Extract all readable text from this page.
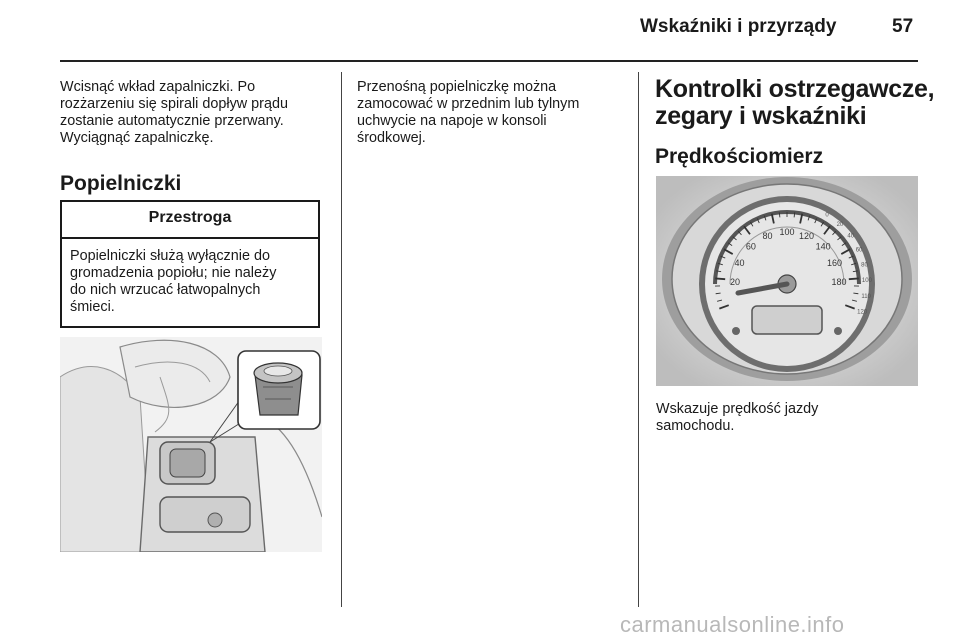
Wskaźniki i przyrządy	57
Wcisnąć wkład zapalniczki. Po
rozżarzeniu się spirali dopływ prądu
zostanie automatycznie przerwany.
Wyciągnąć zapalniczkę.
Popielniczki
Przestroga
Popielniczki służą wyłącznie do
gromadzenia popiołu; nie należy
do nich wrzucać łatwopalnych
śmieci.
Przenośną popielniczkę można
zamocować w przednim lub tylnym
uchwycie na napoje w konsoli
środkowej.
Kontrolki ostrzegawcze,
zegary i wskaźniki
Prędkościomierz
20
40
60
80 100 120
140
160
180
0
20
40
60
80
100
110
120
Wskazuje prędkość jazdy
samochodu.
carmanualsonline.info
